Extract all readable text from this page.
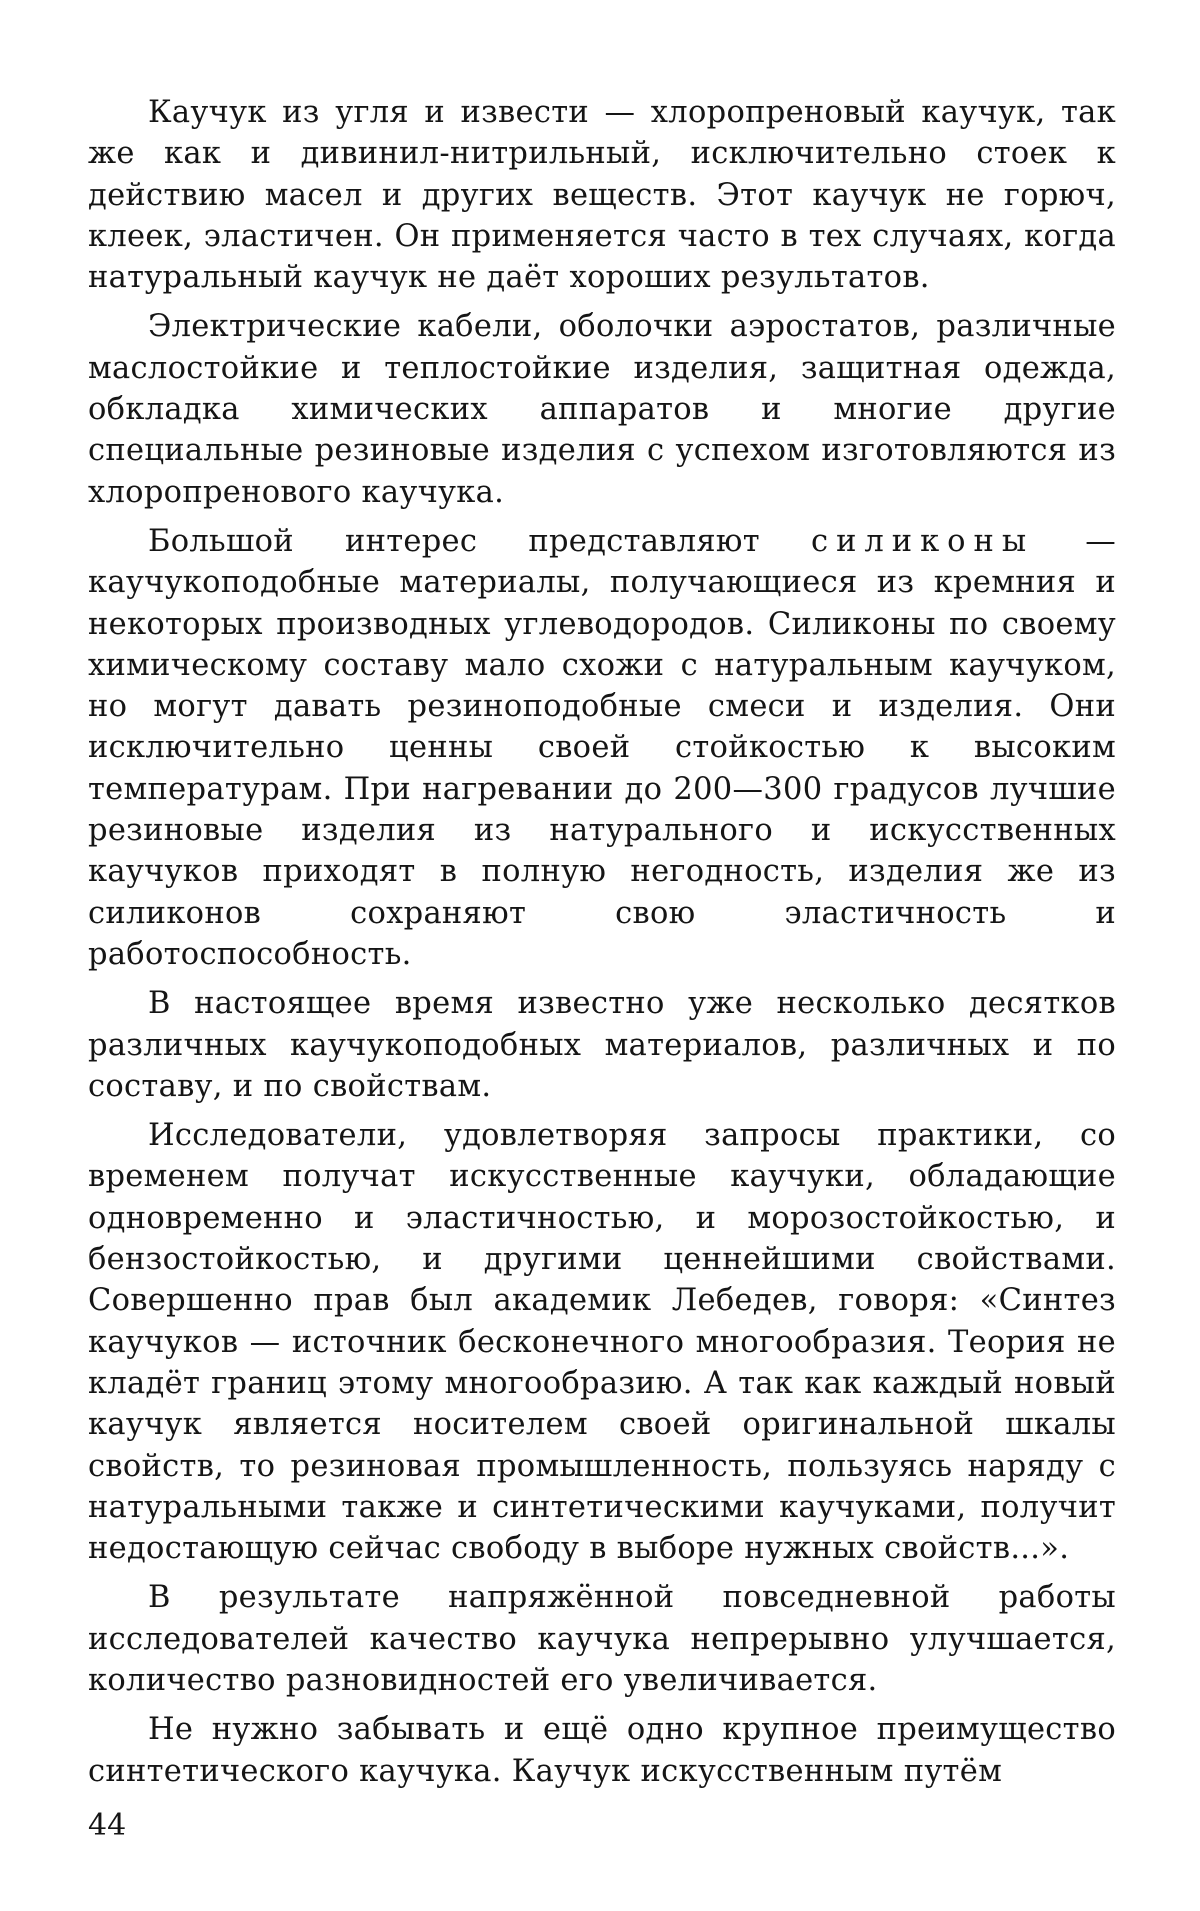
Каучук из угля и извести — хлоропреновый каучук, так же как и дивинил-нитрильный, исключительно стоек к действию масел и других веществ. Этот каучук не горюч, клеек, эластичен. Он применяется часто в тех случаях, когда натуральный каучук не даёт хороших результатов.

Электрические кабели, оболочки аэростатов, различные маслостойкие и теплостойкие изделия, защитная одежда, обкладка химических аппаратов и многие другие специальные резиновые изделия с успехом изготовляются из хлоропренового каучука.

Большой интерес представляют силиконы — каучукоподобные материалы, получающиеся из кремния и некоторых производных углеводородов. Силиконы по своему химическому составу мало схожи с натуральным каучуком, но могут давать резиноподобные смеси и изделия. Они исключительно ценны своей стойкостью к высоким температурам. При нагревании до 200—300 градусов лучшие резиновые изделия из натурального и искусственных каучуков приходят в полную негодность, изделия же из силиконов сохраняют свою эластичность и работоспособность.

В настоящее время известно уже несколько десятков различных каучукоподобных материалов, различных и по составу, и по свойствам.

Исследователи, удовлетворяя запросы практики, со временем получат искусственные каучуки, обладающие одновременно и эластичностью, и морозостойкостью, и бензостойкостью, и другими ценнейшими свойствами. Совершенно прав был академик Лебедев, говоря: «Синтез каучуков — источник бесконечного многообразия. Теория не кладёт границ этому многообразию. А так как каждый новый каучук является носителем своей оригинальной шкалы свойств, то резиновая промышленность, пользуясь наряду с натуральными также и синтетическими каучуками, получит недостающую сейчас свободу в выборе нужных свойств...».

В результате напряжённой повседневной работы исследователей качество каучука непрерывно улучшается, количество разновидностей его увеличивается.

Не нужно забывать и ещё одно крупное преимущество синтетического каучука. Каучук искусственным путём

44
